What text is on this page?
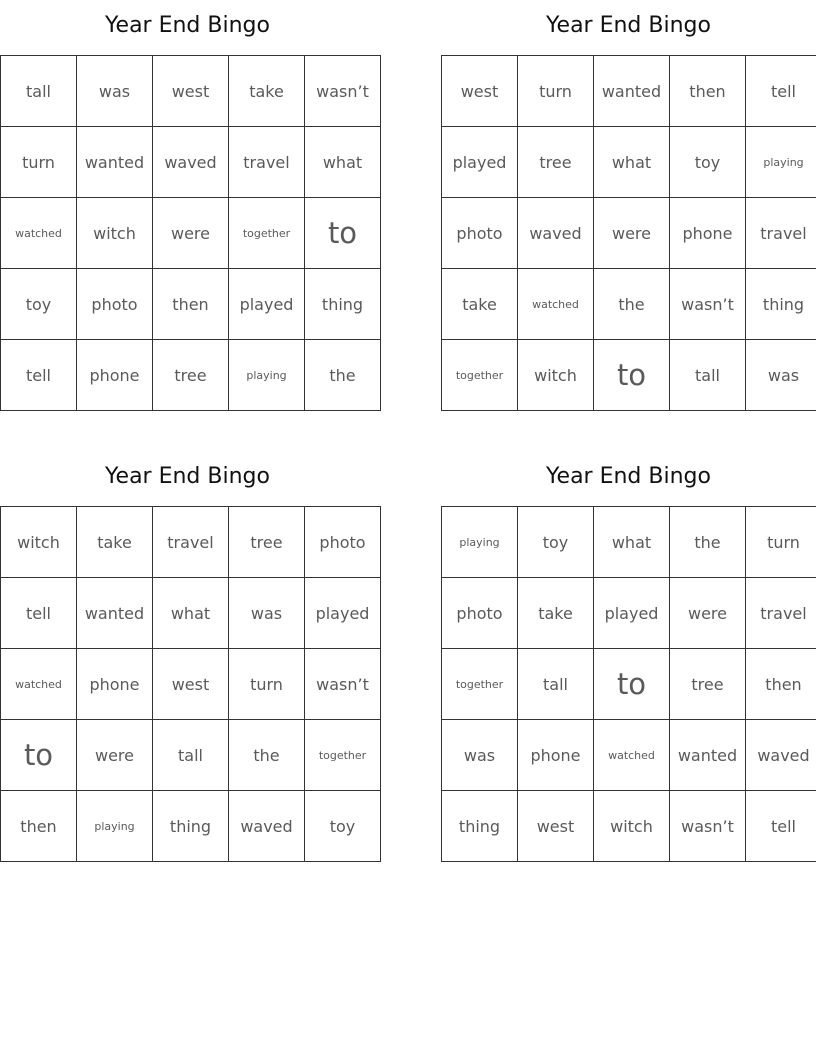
Year End Bingo
tall	was	west	take	wasn’t
turn	wanted	waved	travel	what
watched	witch	were	together	to
toy	photo	then	played	thing
tell	phone	tree	playing	the
Year End Bingo
west	turn	wanted	then	tell
played	tree	what	toy	playing
photo	waved	were	phone	travel
take	watched	the	wasn’t	thing
together	witch	to	tall	was
Year End Bingo
witch	take	travel	tree	photo
tell	wanted	what	was	played
watched	phone	west	turn	wasn’t
to	were	tall	the	together
then	playing	thing	waved	toy
Year End Bingo
playing	toy	what	the	turn
photo	take	played	were	travel
together	tall	to	tree	then
was	phone	watched	wanted	waved
thing	west	witch	wasn’t	tell
